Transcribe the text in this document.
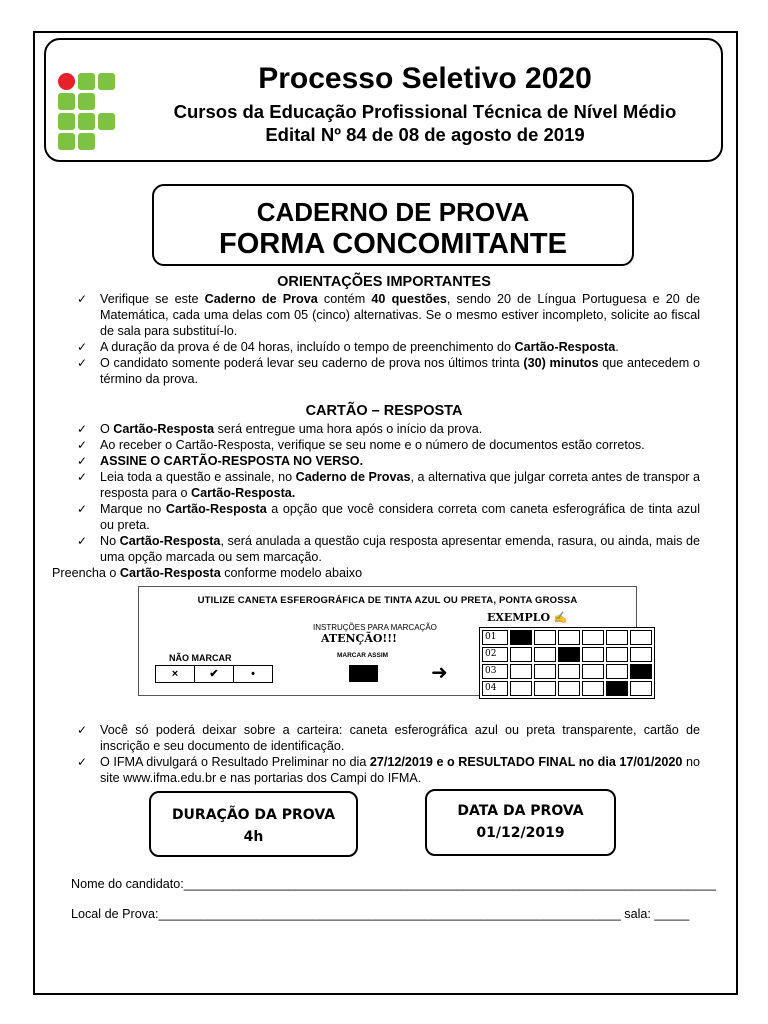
Processo Seletivo 2020
Cursos da Educação Profissional Técnica de Nível Médio
Edital Nº 84 de 08 de agosto de 2019
CADERNO DE PROVA
FORMA CONCOMITANTE
ORIENTAÇÕES IMPORTANTES
✓ Verifique se este Caderno de Prova contém 40 questões, sendo 20 de Língua Portuguesa e 20 de Matemática, cada uma delas com 05 (cinco) alternativas. Se o mesmo estiver incompleto, solicite ao fiscal de sala para substituí-lo.
✓ A duração da prova é de 04 horas, incluído o tempo de preenchimento do Cartão-Resposta.
✓ O candidato somente poderá levar seu caderno de prova nos últimos trinta (30) minutos que antecedem o término da prova.
CARTÃO – RESPOSTA
✓ O Cartão-Resposta será entregue uma hora após o início da prova.
✓ Ao receber o Cartão-Resposta, verifique se seu nome e o número de documentos estão corretos.
✓ ASSINE O CARTÃO-RESPOSTA NO VERSO.
✓ Leia toda a questão e assinale, no Caderno de Provas, a alternativa que julgar correta antes de transpor a resposta para o Cartão-Resposta.
✓ Marque no Cartão-Resposta a opção que você considera correta com caneta esferográfica de tinta azul ou preta.
✓ No Cartão-Resposta, será anulada a questão cuja resposta apresentar emenda, rasura, ou ainda, mais de uma opção marcada ou sem marcação.
Preencha o Cartão-Resposta conforme modelo abaixo
UTILIZE CANETA ESFEROGRÁFICA DE TINTA AZUL OU PRETA, PONTA GROSSA
INSTRUÇÕES PARA MARCAÇÃO
ATENÇÃO!!!
NÃO MARCAR
×	✔	•
MARCAR ASSIM
➜
EXEMPLO ✍
01
02
03
04
✓ Você só poderá deixar sobre a carteira: caneta esferográfica azul ou preta transparente, cartão de inscrição e seu documento de identificação.
✓ O IFMA divulgará o Resultado Preliminar no dia 27/12/2019 e o RESULTADO FINAL no dia 17/01/2020 no site www.ifma.edu.br e nas portarias dos Campi do IFMA.
DURAÇÃO DA PROVA
4h
DATA DA PROVA
01/12/2019
Nome do candidato:____________________________________________________________________________
Local de Prova:__________________________________________________________________ sala: _____
